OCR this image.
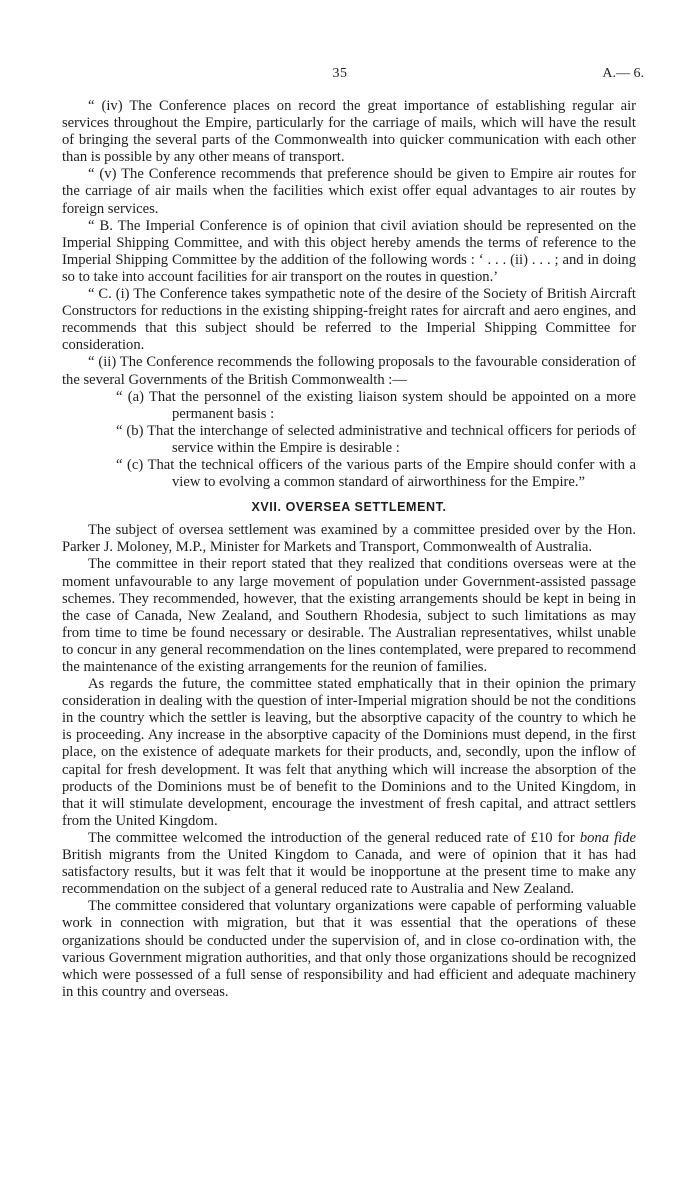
35	A.— 6.

“ (iv) The Conference places on record the great importance of establishing regular air services throughout the Empire, particularly for the carriage of mails, which will have the result of bringing the several parts of the Commonwealth into quicker communication with each other than is possible by any other means of transport.

“ (v) The Conference recommends that preference should be given to Empire air routes for the carriage of air mails when the facilities which exist offer equal advantages to air routes by foreign services.

“ B. The Imperial Conference is of opinion that civil aviation should be represented on the Imperial Shipping Committee, and with this object hereby amends the terms of reference to the Imperial Shipping Committee by the addition of the following words : ‘ . . . (ii) . . . ; and in doing so to take into account facilities for air transport on the routes in question.’

“ C. (i) The Conference takes sympathetic note of the desire of the Society of British Aircraft Constructors for reductions in the existing shipping-freight rates for aircraft and aero engines, and recommends that this subject should be referred to the Imperial Shipping Committee for consideration.

“ (ii) The Conference recommends the following proposals to the favourable consideration of the several Governments of the British Commonwealth :—

“ (a) That the personnel of the existing liaison system should be appointed on a more permanent basis :

“ (b) That the interchange of selected administrative and technical officers for periods of service within the Empire is desirable :

“ (c) That the technical officers of the various parts of the Empire should confer with a view to evolving a common standard of airworthiness for the Empire.”

XVII. OVERSEA SETTLEMENT.

The subject of oversea settlement was examined by a committee presided over by the Hon. Parker J. Moloney, M.P., Minister for Markets and Transport, Commonwealth of Australia.

The committee in their report stated that they realized that conditions overseas were at the moment unfavourable to any large movement of population under Government-assisted passage schemes. They recommended, however, that the existing arrangements should be kept in being in the case of Canada, New Zealand, and Southern Rhodesia, subject to such limitations as may from time to time be found necessary or desirable. The Australian representatives, whilst unable to concur in any general recommendation on the lines contemplated, were prepared to recommend the maintenance of the existing arrangements for the reunion of families.

As regards the future, the committee stated emphatically that in their opinion the primary consideration in dealing with the question of inter-Imperial migration should be not the conditions in the country which the settler is leaving, but the absorptive capacity of the country to which he is proceeding. Any increase in the absorptive capacity of the Dominions must depend, in the first place, on the existence of adequate markets for their products, and, secondly, upon the inflow of capital for fresh development. It was felt that anything which will increase the absorption of the products of the Dominions must be of benefit to the Dominions and to the United Kingdom, in that it will stimulate development, encourage the investment of fresh capital, and attract settlers from the United Kingdom.

The committee welcomed the introduction of the general reduced rate of £10 for bona fide British migrants from the United Kingdom to Canada, and were of opinion that it has had satisfactory results, but it was felt that it would be inopportune at the present time to make any recommendation on the subject of a general reduced rate to Australia and New Zealand.

The committee considered that voluntary organizations were capable of performing valuable work in connection with migration, but that it was essential that the operations of these organizations should be conducted under the supervision of, and in close co-ordination with, the various Government migration authorities, and that only those organizations should be recognized which were possessed of a full sense of responsibility and had efficient and adequate machinery in this country and overseas.
